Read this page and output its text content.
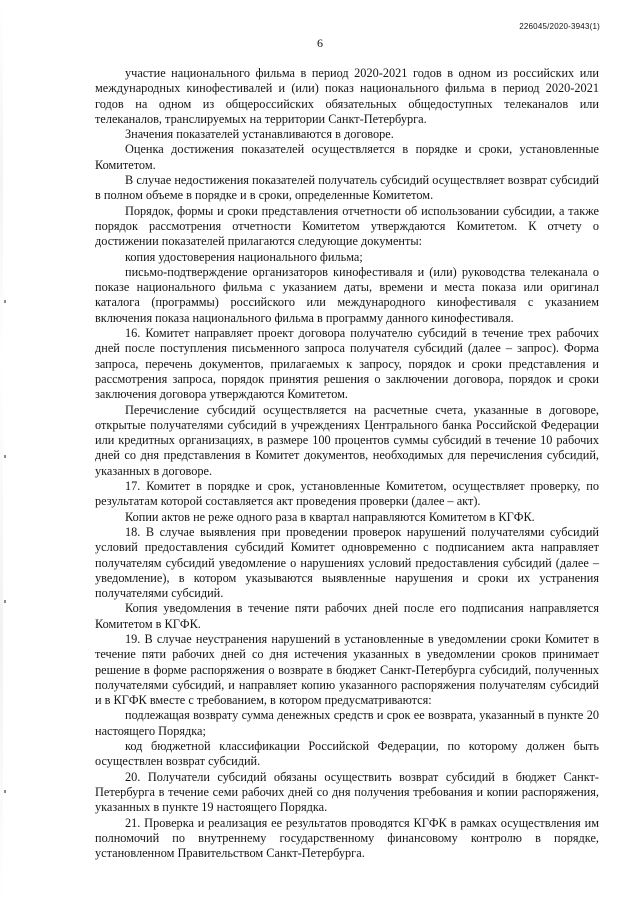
226045/2020-3943(1)
6

участие национального фильма в период 2020-2021 годов в одном из российских или международных кинофестивалей и (или) показ национального фильма в период 2020-2021 годов на одном из общероссийских обязательных общедоступных телеканалов или телеканалов, транслируемых на территории Санкт-Петербурга.

Значения показателей устанавливаются в договоре.

Оценка достижения показателей осуществляется в порядке и сроки, установленные Комитетом.

В случае недостижения показателей получатель субсидий осуществляет возврат субсидий в полном объеме в порядке и в сроки, определенные Комитетом.

Порядок, формы и сроки представления отчетности об использовании субсидии, а также порядок рассмотрения отчетности Комитетом утверждаются Комитетом. К отчету о достижении показателей прилагаются следующие документы:

копия удостоверения национального фильма;

письмо-подтверждение организаторов кинофестиваля и (или) руководства телеканала о показе национального фильма с указанием даты, времени и места показа или оригинал каталога (программы) российского или международного кинофестиваля с указанием включения показа национального фильма в программу данного кинофестиваля.

16. Комитет направляет проект договора получателю субсидий в течение трех рабочих дней после поступления письменного запроса получателя субсидий (далее – запрос). Форма запроса, перечень документов, прилагаемых к запросу, порядок и сроки представления и рассмотрения запроса, порядок принятия решения о заключении договора, порядок и сроки заключения договора утверждаются Комитетом.

Перечисление субсидий осуществляется на расчетные счета, указанные в договоре, открытые получателями субсидий в учреждениях Центрального банка Российской Федерации или кредитных организациях, в размере 100 процентов суммы субсидий в течение 10 рабочих дней со дня представления в Комитет документов, необходимых для перечисления субсидий, указанных в договоре.

17. Комитет в порядке и срок, установленные Комитетом, осуществляет проверку, по результатам которой составляется акт проведения проверки (далее – акт).

Копии актов не реже одного раза в квартал направляются Комитетом в КГФК.

18. В случае выявления при проведении проверок нарушений получателями субсидий условий предоставления субсидий Комитет одновременно с подписанием акта направляет получателям субсидий уведомление о нарушениях условий предоставления субсидий (далее – уведомление), в котором указываются выявленные нарушения и сроки их устранения получателями субсидий.

Копия уведомления в течение пяти рабочих дней после его подписания направляется Комитетом в КГФК.

19. В случае неустранения нарушений в установленные в уведомлении сроки Комитет в течение пяти рабочих дней со дня истечения указанных в уведомлении сроков принимает решение в форме распоряжения о возврате в бюджет Санкт-Петербурга субсидий, полученных получателями субсидий, и направляет копию указанного распоряжения получателям субсидий и в КГФК вместе с требованием, в котором предусматриваются:

подлежащая возврату сумма денежных средств и срок ее возврата, указанный в пункте 20 настоящего Порядка;

код бюджетной классификации Российской Федерации, по которому должен быть осуществлен возврат субсидий.

20. Получатели субсидий обязаны осуществить возврат субсидий в бюджет Санкт-Петербурга в течение семи рабочих дней со дня получения требования и копии распоряжения, указанных в пункте 19 настоящего Порядка.

21. Проверка и реализация ее результатов проводятся КГФК в рамках осуществления им полномочий по внутреннему государственному финансовому контролю в порядке, установленном Правительством Санкт-Петербурга.
